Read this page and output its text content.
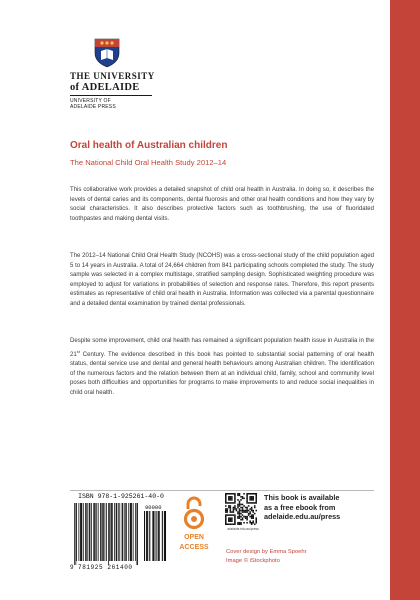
THE UNIVERSITY
of ADELAIDE
UNIVERSITY OF
ADELAIDE PRESS
Oral health of Australian children
The National Child Oral Health Study 2012–14
This collaborative work provides a detailed snapshot of child oral health in Australia. In doing so, it describes the levels of dental caries and its components, dental fluorosis and other oral health conditions and how they vary by social characteristics. It also describes protective factors such as toothbrushing, the use of fluoridated toothpastes and making dental visits.
The 2012–14 National Child Oral Health Study (NCOHS) was a cross-sectional study of the child population aged 5 to 14 years in Australia. A total of 24,664 children from 841 participating schools completed the study. The study sample was selected in a complex multistage, stratified sampling design. Sophisticated weighting procedure was employed to adjust for variations in probabilities of selection and response rates. Therefore, this report presents estimates as representative of child oral health in Australia. Information was collected via a parental questionnaire and a detailed dental examination by trained dental professionals.
Despite some improvement, child oral health has remained a significant population health issue in Australia in the 21st Century. The evidence described in this book has pointed to substantial social patterning of oral health status, dental service use and dental and general health behaviours among Australian children. The identification of the numerous factors and the relation between them at an individual child, family, school and community level poses both difficulties and opportunities for programs to make improvements to and reduce social inequalities in child oral health.
ISBN 978-1-925261-40-0
90000
9 781925 261400
OPEN
ACCESS
adelaide.edu.au/press
This book is available
as a free ebook from
adelaide.edu.au/press
Cover design by Emma Spoehr
Image © iStockphoto
